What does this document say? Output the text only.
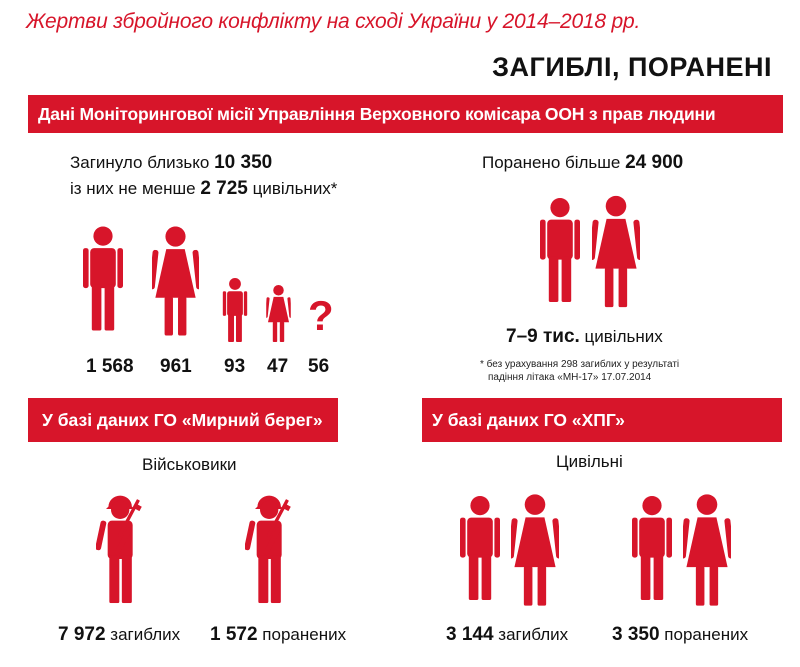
Жертви збройного конфлікту на сході України у 2014–2018 рр.
ЗАГИБЛІ, ПОРАНЕНІ
Дані Моніторингової місії Управління Верховного комісара ООН з прав людини
Загинуло близько 10 350
із них не менше 2 725 цивільних*
?
1 568 961 93 47 56
Поранено більше 24 900
7–9 тис. цивільних
* без урахування 298 загиблих у результаті
падіння літака «МН-17» 17.07.2014
У базі даних ГО «Мирний берег»
Військовики
7 972 загиблих 1 572 поранених
У базі даних ГО «ХПГ»
Цивільні
3 144 загиблих 3 350 поранених
